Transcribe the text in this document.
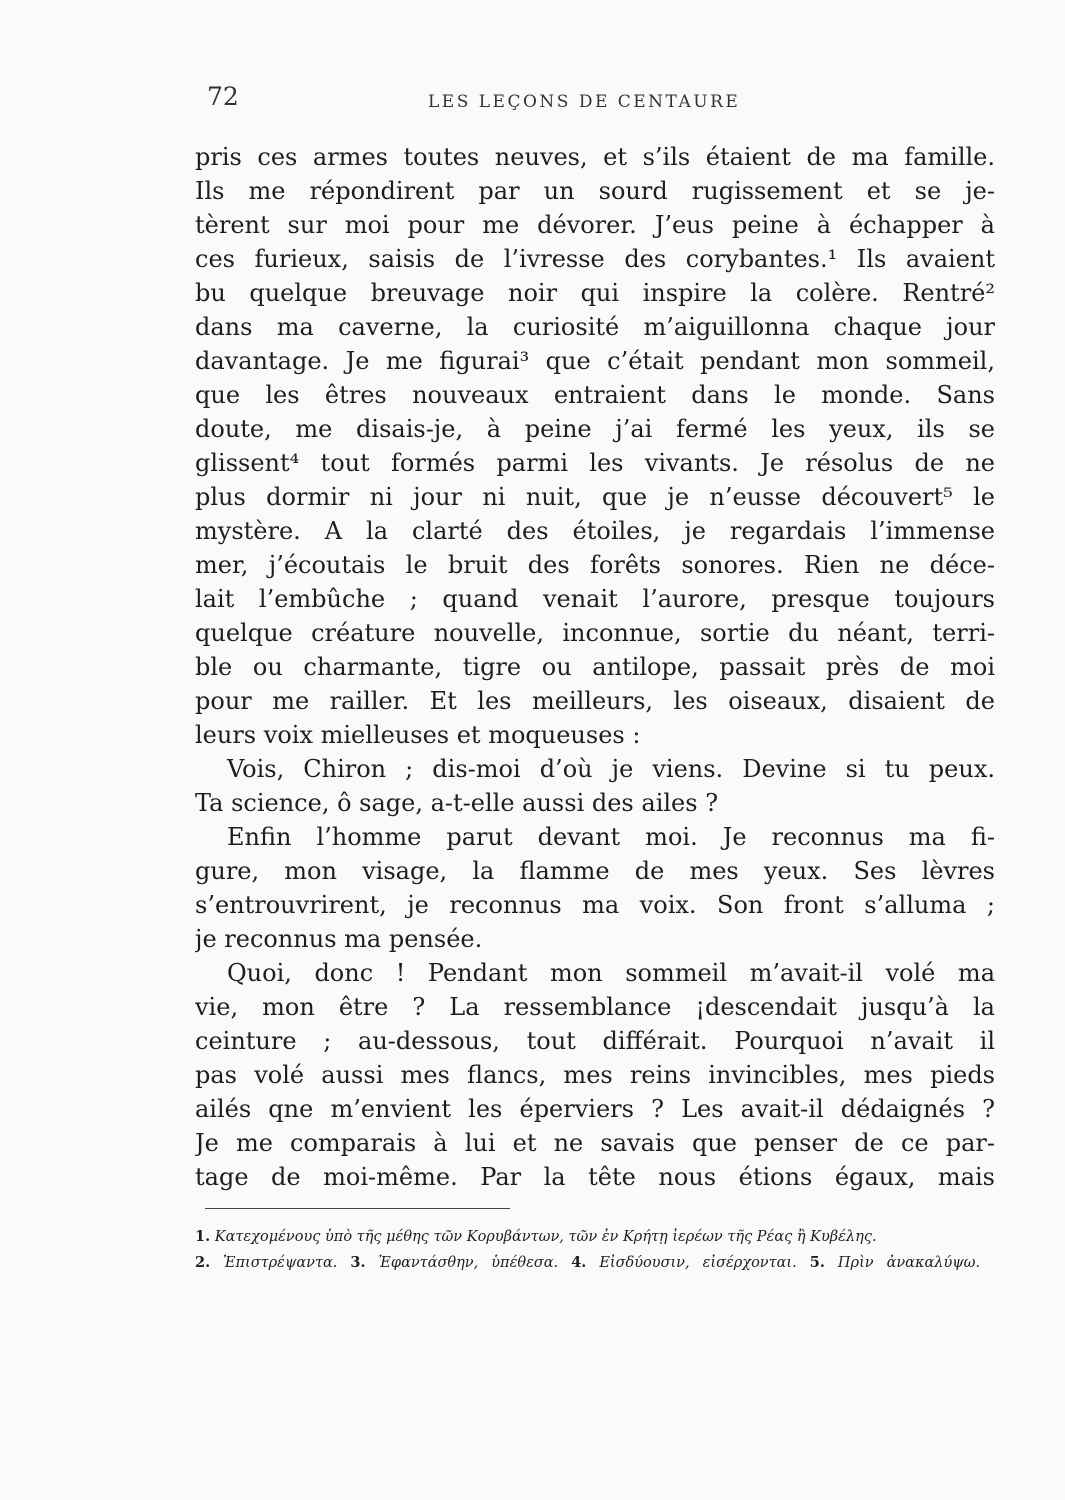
72	LES LEÇONS DE CENTAURE
pris ces armes toutes neuves, et s’ils étaient de ma famille.
Ils me répondirent par un sourd rugissement et se je-
tèrent sur moi pour me dévorer. J’eus peine à échapper à
ces furieux, saisis de l’ivresse des corybantes.¹ Ils avaient
bu quelque breuvage noir qui inspire la colère. Rentré²
dans ma caverne, la curiosité m’aiguillonna chaque jour
davantage. Je me figurai³ que c’était pendant mon sommeil,
que les êtres nouveaux entraient dans le monde. Sans
doute, me disais-je, à peine j’ai fermé les yeux, ils se
glissent⁴ tout formés parmi les vivants. Je résolus de ne
plus dormir ni jour ni nuit, que je n’eusse découvert⁵ le
mystère. A la clarté des étoiles, je regardais l’immense
mer, j’écoutais le bruit des forêts sonores. Rien ne déce-
lait l’embûche ; quand venait l’aurore, presque toujours
quelque créature nouvelle, inconnue, sortie du néant, terri-
ble ou charmante, tigre ou antilope, passait près de moi
pour me railler. Et les meilleurs, les oiseaux, disaient de
leurs voix mielleuses et moqueuses :
Vois, Chiron ; dis-moi d’où je viens. Devine si tu peux.
Ta science, ô sage, a-t-elle aussi des ailes ?
Enfin l’homme parut devant moi. Je reconnus ma fi-
gure, mon visage, la flamme de mes yeux. Ses lèvres
s’entrouvrirent, je reconnus ma voix. Son front s’alluma ;
je reconnus ma pensée.
Quoi, donc ! Pendant mon sommeil m’avait-il volé ma
vie, mon être ? La ressemblance ¡descendait jusqu’à la
ceinture ; au-dessous, tout différait. Pourquoi n’avait il
pas volé aussi mes flancs, mes reins invincibles, mes pieds
ailés qne m’envient les éperviers ? Les avait-il dédaignés ?
Je me comparais à lui et ne savais que penser de ce par-
tage de moi-même. Par la tête nous étions égaux, mais
1. Κατεχομένους ὑπὸ τῆς μέθης τῶν Κορυβάντων, τῶν ἐν Κρήτῃ ἱερέων τῆς Ρέας ἢ Κυβέλης.
2. Ἐπιστρέψαντα. 3. Ἐφαντάσθην, ὑπέθεσα. 4. Εἰσδύουσιν, εἰσέρχονται. 5. Πρὶν ἀνακαλύψω.
